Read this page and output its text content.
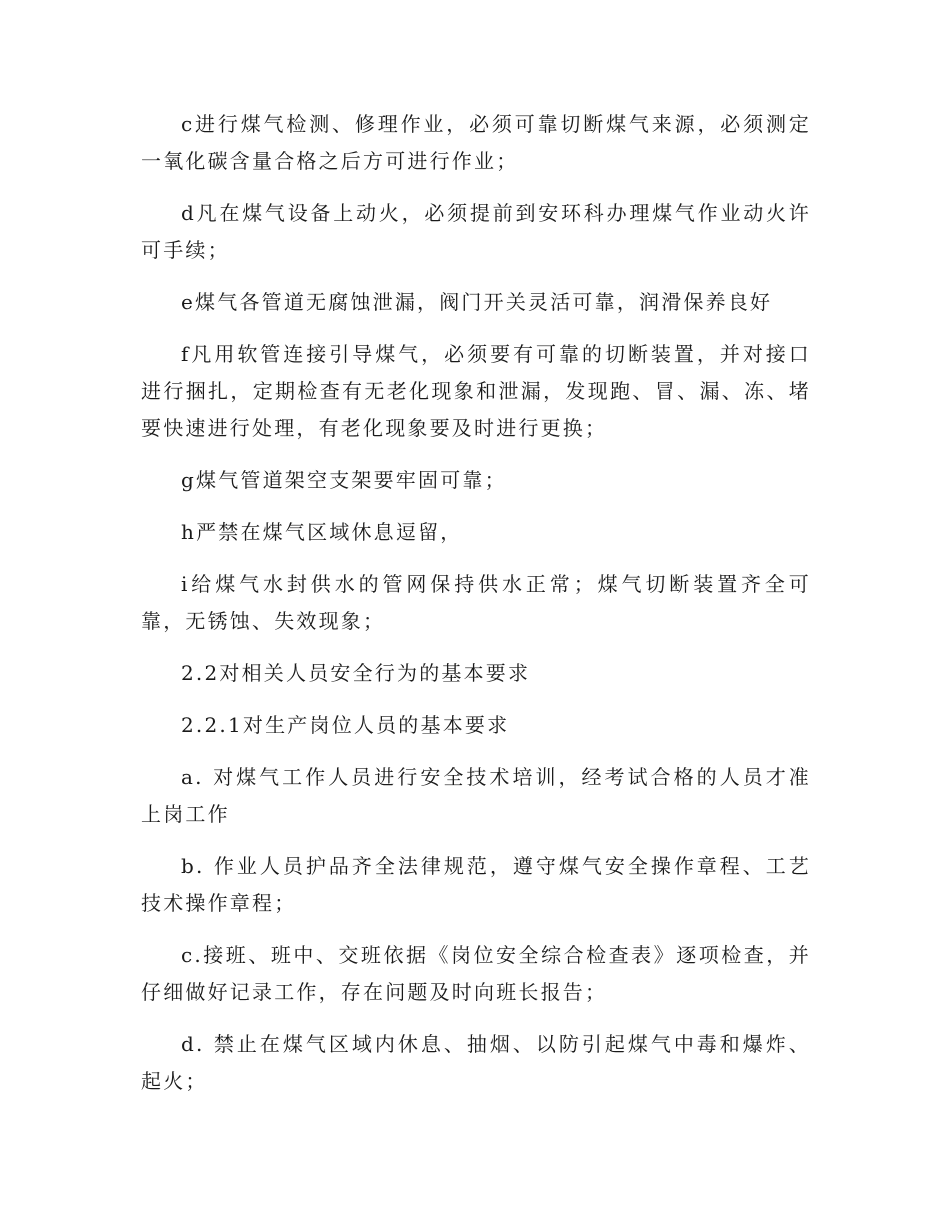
c进行煤气检测、修理作业，必须可靠切断煤气来源，必须测定一氧化碳含量合格之后方可进行作业；

d凡在煤气设备上动火，必须提前到安环科办理煤气作业动火许可手续；

e煤气各管道无腐蚀泄漏，阀门开关灵活可靠，润滑保养良好

f凡用软管连接引导煤气，必须要有可靠的切断装置，并对接口进行捆扎，定期检查有无老化现象和泄漏，发现跑、冒、漏、冻、堵要快速进行处理，有老化现象要及时进行更换；

g煤气管道架空支架要牢固可靠；

h严禁在煤气区域休息逗留，

i给煤气水封供水的管网保持供水正常；煤气切断装置齐全可靠，无锈蚀、失效现象；

2.2对相关人员安全行为的基本要求

2.2.1对生产岗位人员的基本要求

a. 对煤气工作人员进行安全技术培训，经考试合格的人员才准上岗工作

b. 作业人员护品齐全法律规范，遵守煤气安全操作章程、工艺技术操作章程；

c.接班、班中、交班依据《岗位安全综合检查表》逐项检查，并仔细做好记录工作，存在问题及时向班长报告；

d. 禁止在煤气区域内休息、抽烟、以防引起煤气中毒和爆炸、起火；
